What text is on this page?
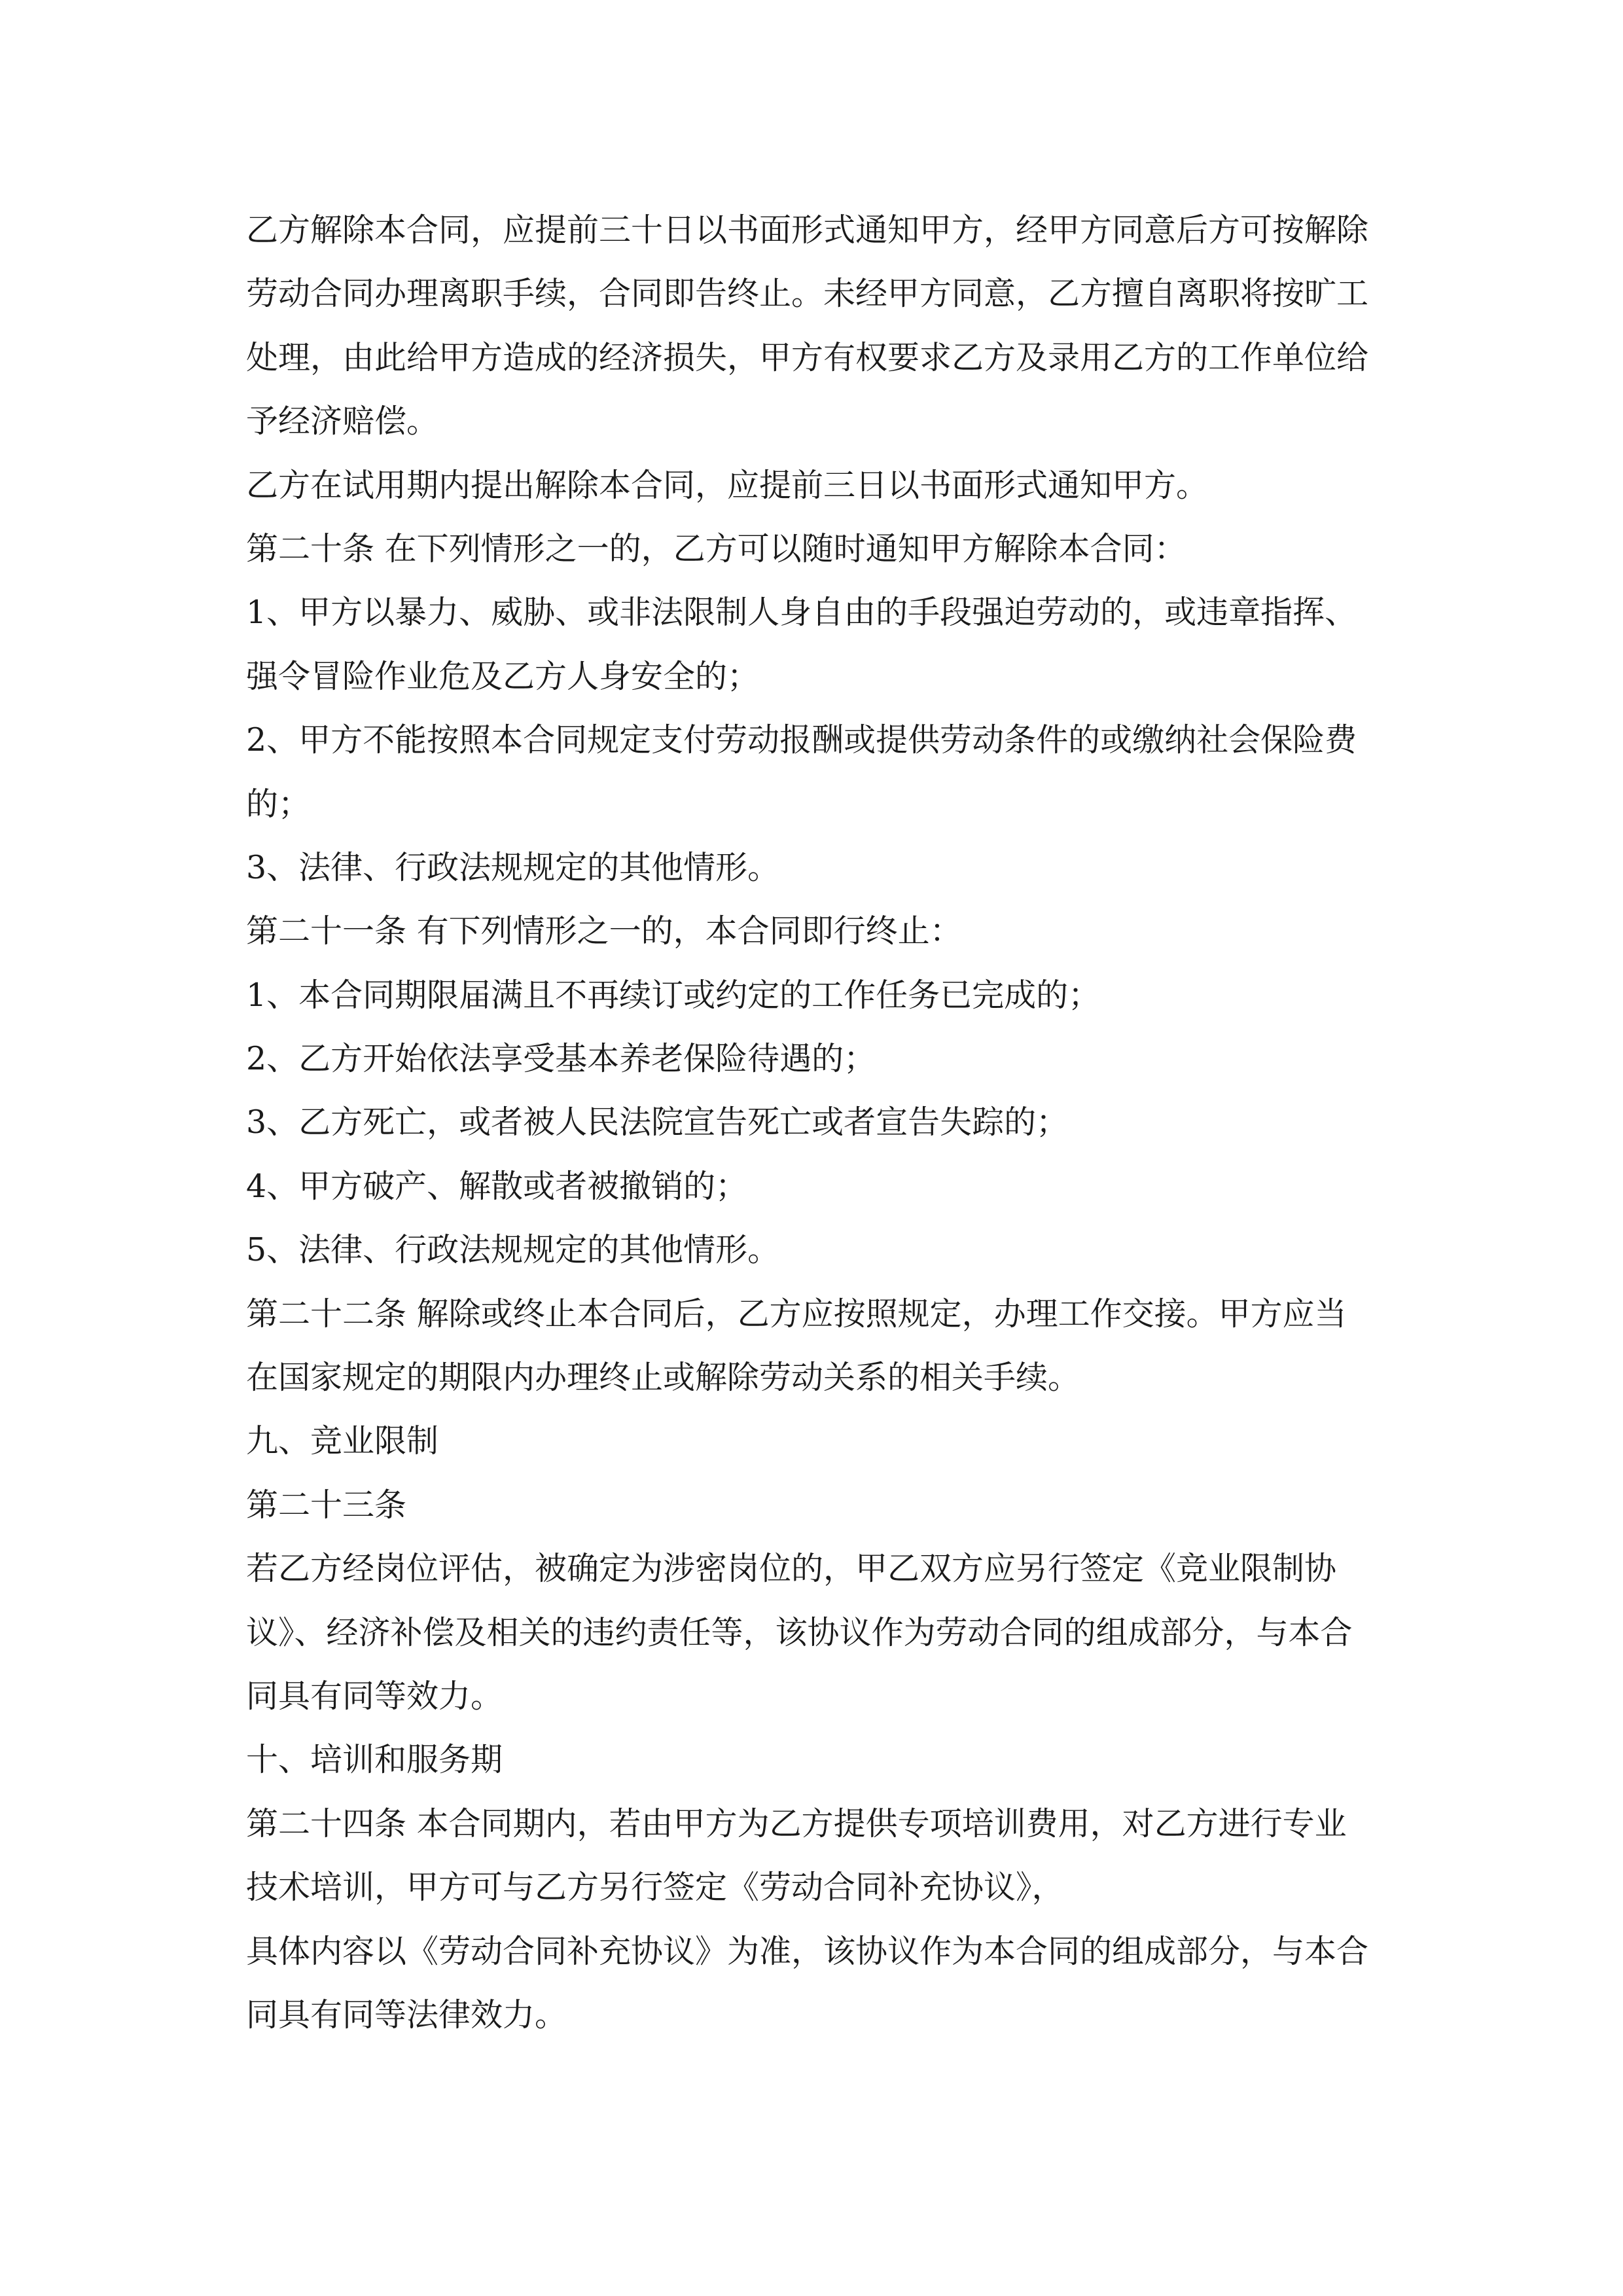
乙方解除本合同，应提前三十日以书面形式通知甲方，经甲方同意后方可按解除

劳动合同办理离职手续，合同即告终止。未经甲方同意，乙方擅自离职将按旷工

处理，由此给甲方造成的经济损失，甲方有权要求乙方及录用乙方的工作单位给

予经济赔偿。

乙方在试用期内提出解除本合同，应提前三日以书面形式通知甲方。

第二十条 在下列情形之一的，乙方可以随时通知甲方解除本合同：

1、甲方以暴力、威胁、或非法限制人身自由的手段强迫劳动的，或违章指挥、

强令冒险作业危及乙方人身安全的；

2、甲方不能按照本合同规定支付劳动报酬或提供劳动条件的或缴纳社会保险费

的；

3、法律、行政法规规定的其他情形。

第二十一条 有下列情形之一的，本合同即行终止：

1、本合同期限届满且不再续订或约定的工作任务已完成的；

2、乙方开始依法享受基本养老保险待遇的；

3、乙方死亡，或者被人民法院宣告死亡或者宣告失踪的；

4、甲方破产、解散或者被撤销的；

5、法律、行政法规规定的其他情形。

第二十二条 解除或终止本合同后，乙方应按照规定，办理工作交接。甲方应当

在国家规定的期限内办理终止或解除劳动关系的相关手续。

九、竞业限制

第二十三条

若乙方经岗位评估，被确定为涉密岗位的，甲乙双方应另行签定《竞业限制协

议》、经济补偿及相关的违约责任等，该协议作为劳动合同的组成部分，与本合

同具有同等效力。

十、培训和服务期

第二十四条 本合同期内，若由甲方为乙方提供专项培训费用，对乙方进行专业

技术培训，甲方可与乙方另行签定《劳动合同补充协议》，

具体内容以《劳动合同补充协议》为准，该协议作为本合同的组成部分，与本合

同具有同等法律效力。
